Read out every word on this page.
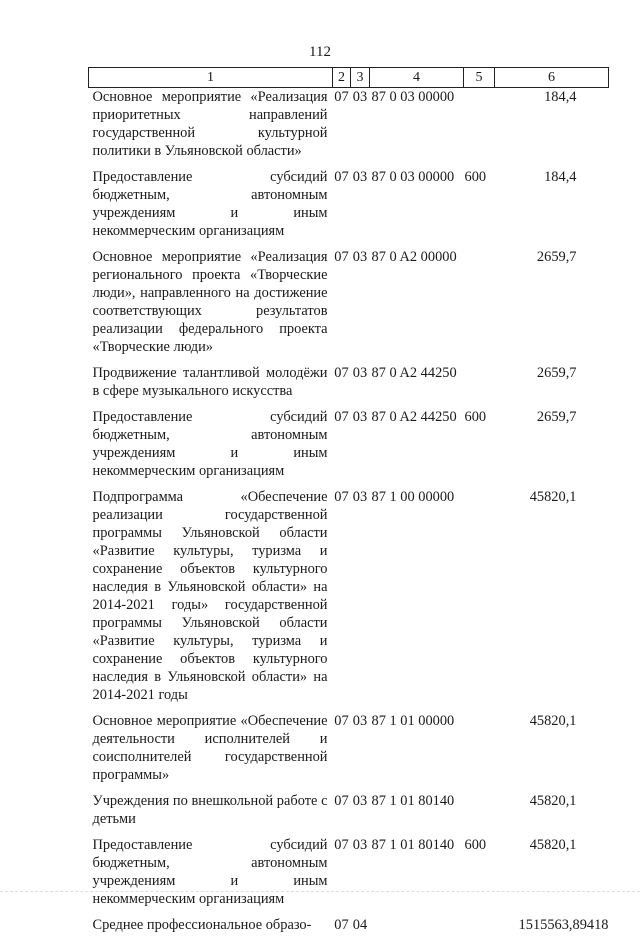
112
1	2	3	4	5	6
Основное мероприятие «Реализация приоритетных направлений государственной культурной политики в Ульяновской области»	07	03	87 0 03 00000		184,4
Предоставление субсидий бюджетным, автономным учреждениям и иным некоммерческим организациям	07	03	87 0 03 00000	600	184,4
Основное мероприятие «Реализация регионального проекта «Творческие люди», направленного на достижение соответствующих результатов реализации федерального проекта «Творческие люди»	07	03	87 0 A2 00000		2659,7
Продвижение талантливой молодёжи в сфере музыкального искусства	07	03	87 0 A2 44250		2659,7
Предоставление субсидий бюджетным, автономным учреждениям и иным некоммерческим организациям	07	03	87 0 A2 44250	600	2659,7
Подпрограмма «Обеспечение реализации государственной программы Ульяновской области «Развитие культуры, туризма и сохранение объектов культурного наследия в Ульяновской области» на 2014-2021 годы» государственной программы Ульяновской области «Развитие культуры, туризма и сохранение объектов культурного наследия в Ульяновской области» на 2014-2021 годы	07	03	87 1 00 00000		45820,1
Основное мероприятие «Обеспечение деятельности исполнителей и соисполнителей государственной программы»	07	03	87 1 01 00000		45820,1
Учреждения по внешкольной работе с детьми	07	03	87 1 01 80140		45820,1
Предоставление субсидий бюджетным, автономным учреждениям и иным некоммерческим организациям	07	03	87 1 01 80140	600	45820,1
Среднее профессиональное образо-	07	04			1515563,89418
